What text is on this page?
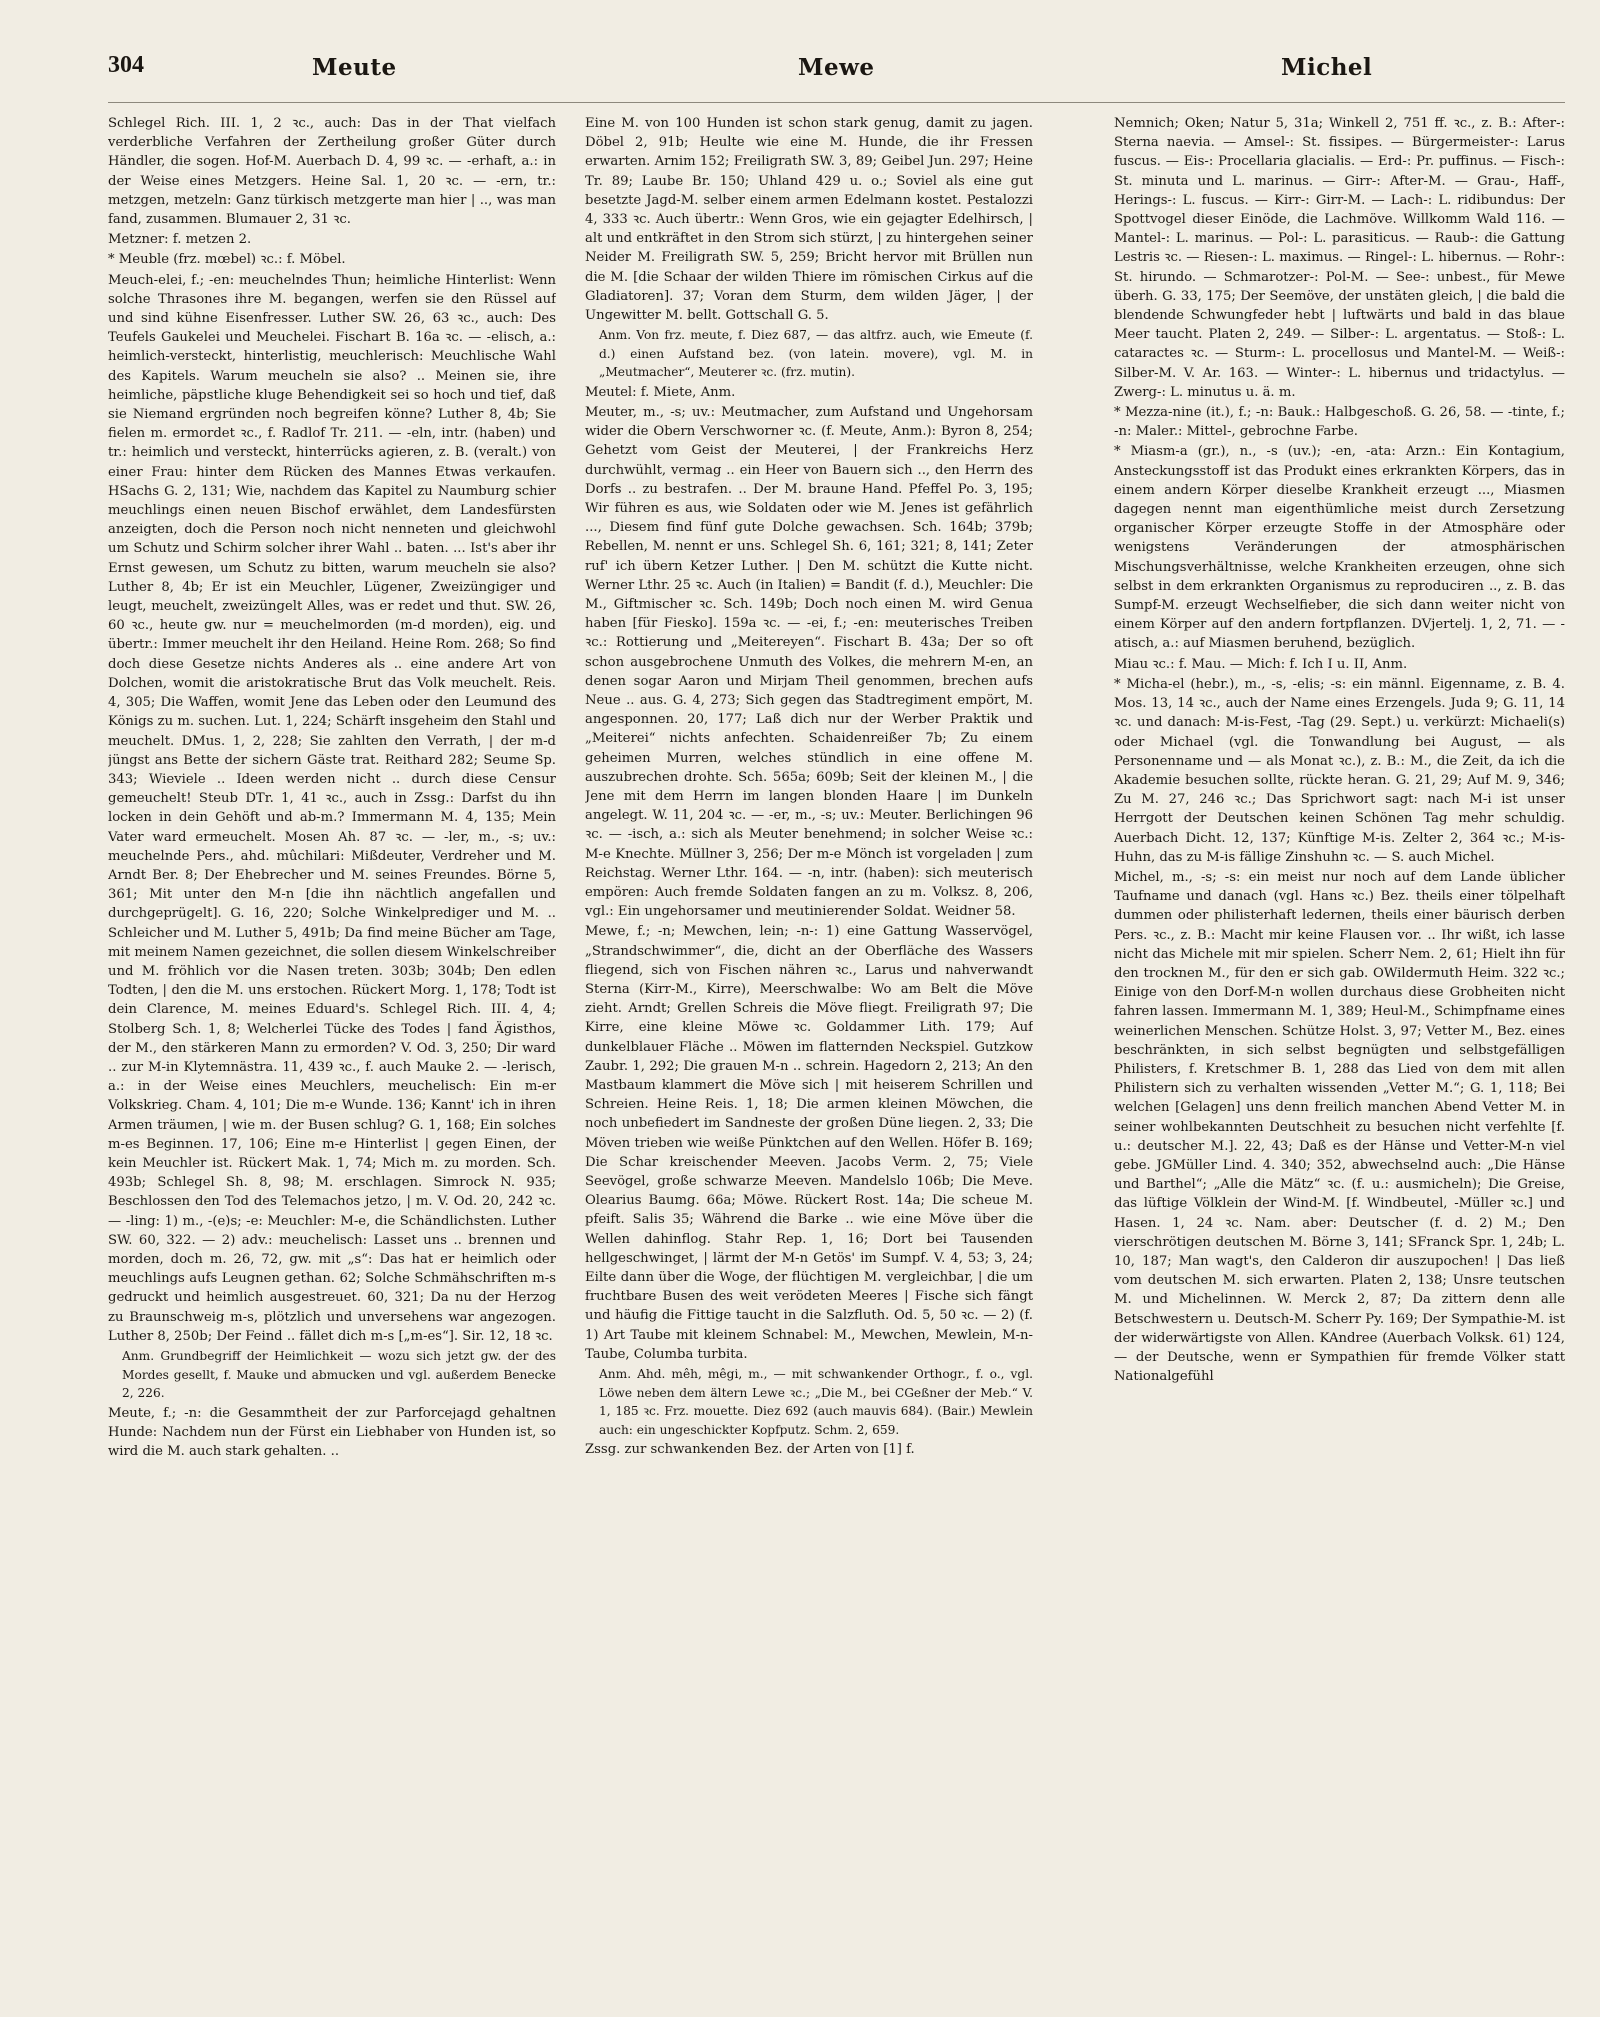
304	Meute	Mewe	Michel

Schlegel Rich. III. 1, 2 ꝛc., auch: Das in der That vielfach verderbliche Verfahren der Zertheilung großer Güter durch Händler, die sogen. Hof-M. Auerbach D. 4, 99 ꝛc. — -erhaft, a.: in der Weise eines Metzgers. Heine Sal. 1, 20 ꝛc. — -ern, tr.: metzgen, metzeln: Ganz türkisch metzgerte man hier | .., was man fand, zusammen. Blumauer 2, 31 ꝛc.

Metzner: f. metzen 2.

* Meuble (frz. mœbel) ꝛc.: f. Möbel.

Meuch-elei, f.; -en: meuchelndes Thun; heimliche Hinterlist: Wenn solche Thrasones ihre M. begangen, werfen sie den Rüssel auf und sind kühne Eisenfresser. Luther SW. 26, 63 ꝛc., auch: Des Teufels Gaukelei und Meuchelei. Fischart B. 16a ꝛc. — -elisch, a.: heimlich-versteckt, hinterlistig, meuchlerisch: Meuchlische Wahl des Kapitels. Warum meucheln sie also? .. Meinen sie, ihre heimliche, päpstliche kluge Behendigkeit sei so hoch und tief, daß sie Niemand ergründen noch begreifen könne? Luther 8, 4b; Sie fielen m. ermordet ꝛc., f. Radlof Tr. 211. — -eln, intr. (haben) und tr.: heimlich und versteckt, hinterrücks agieren, z. B. (veralt.) von einer Frau: hinter dem Rücken des Mannes Etwas verkaufen. HSachs G. 2, 131; Wie, nachdem das Kapitel zu Naumburg schier meuchlings einen neuen Bischof erwählet, dem Landesfürsten anzeigten, doch die Person noch nicht nenneten und gleichwohl um Schutz und Schirm solcher ihrer Wahl .. baten. ... Ist's aber ihr Ernst gewesen, um Schutz zu bitten, warum meucheln sie also? Luther 8, 4b; Er ist ein Meuchler, Lügener, Zweizüngiger und leugt, meuchelt, zweizüngelt Alles, was er redet und thut. SW. 26, 60 ꝛc., heute gw. nur = meuchelmorden (m-d morden), eig. und übertr.: Immer meuchelt ihr den Heiland. Heine Rom. 268; So find doch diese Gesetze nichts Anderes als .. eine andere Art von Dolchen, womit die aristokratische Brut das Volk meuchelt. Reis. 4, 305; Die Waffen, womit Jene das Leben oder den Leumund des Königs zu m. suchen. Lut. 1, 224; Schärft insgeheim den Stahl und meuchelt. DMus. 1, 2, 228; Sie zahlten den Verrath, | der m-d jüngst ans Bette der sichern Gäste trat. Reithard 282; Seume Sp. 343; Wieviele .. Ideen werden nicht .. durch diese Censur gemeuchelt! Steub DTr. 1, 41 ꝛc., auch in Zssg.: Darfst du ihn locken in dein Gehöft und ab-m.? Immermann M. 4, 135; Mein Vater ward ermeuchelt. Mosen Ah. 87 ꝛc. — -ler, m., -s; uv.: meuchelnde Pers., ahd. mûchilari: Mißdeuter, Verdreher und M. Arndt Ber. 8; Der Ehebrecher und M. seines Freundes. Börne 5, 361; Mit unter den M-n [die ihn nächtlich angefallen und durchgeprügelt]. G. 16, 220; Solche Winkelprediger und M. .. Schleicher und M. Luther 5, 491b; Da find meine Bücher am Tage, mit meinem Namen gezeichnet, die sollen diesem Winkelschreiber und M. fröhlich vor die Nasen treten. 303b; 304b; Den edlen Todten, | den die M. uns erstochen. Rückert Morg. 1, 178; Todt ist dein Clarence, M. meines Eduard's. Schlegel Rich. III. 4, 4; Stolberg Sch. 1, 8; Welcherlei Tücke des Todes | fand Ägisthos, der M., den stärkeren Mann zu ermorden? V. Od. 3, 250; Dir ward .. zur M-in Klytemnästra. 11, 439 ꝛc., f. auch Mauke 2. — -lerisch, a.: in der Weise eines Meuchlers, meuchelisch: Ein m-er Volkskrieg. Cham. 4, 101; Die m-e Wunde. 136; Kannt' ich in ihren Armen träumen, | wie m. der Busen schlug? G. 1, 168; Ein solches m-es Beginnen. 17, 106; Eine m-e Hinterlist | gegen Einen, der kein Meuchler ist. Rückert Mak. 1, 74; Mich m. zu morden. Sch. 493b; Schlegel Sh. 8, 98; M. erschlagen. Simrock N. 935; Beschlossen den Tod des Telemachos jetzo, | m. V. Od. 20, 242 ꝛc. — -ling: 1) m., -(e)s; -e: Meuchler: M-e, die Schändlichsten. Luther SW. 60, 322. — 2) adv.: meuchelisch: Lasset uns .. brennen und morden, doch m. 26, 72, gw. mit „s“: Das hat er heimlich oder meuchlings aufs Leugnen gethan. 62; Solche Schmähschriften m-s gedruckt und heimlich ausgestreuet. 60, 321; Da nu der Herzog zu Braunschweig m-s, plötzlich und unversehens war angezogen. Luther 8, 250b; Der Feind .. fället dich m-s [„m-es“]. Sir. 12, 18 ꝛc.

Anm. Grundbegriff der Heimlichkeit — wozu sich jetzt gw. der des Mordes gesellt, f. Mauke und abmucken und vgl. außerdem Benecke 2, 226.

Meute, f.; -n: die Gesammtheit der zur Parforcejagd gehaltnen Hunde: Nachdem nun der Fürst ein Liebhaber von Hunden ist, so wird die M. auch stark gehalten. ..

Eine M. von 100 Hunden ist schon stark genug, damit zu jagen. Döbel 2, 91b; Heulte wie eine M. Hunde, die ihr Fressen erwarten. Arnim 152; Freiligrath SW. 3, 89; Geibel Jun. 297; Heine Tr. 89; Laube Br. 150; Uhland 429 u. o.; Soviel als eine gut besetzte Jagd-M. selber einem armen Edelmann kostet. Pestalozzi 4, 333 ꝛc. Auch übertr.: Wenn Gros, wie ein gejagter Edelhirsch, | alt und entkräftet in den Strom sich stürzt, | zu hintergehen seiner Neider M. Freiligrath SW. 5, 259; Bricht hervor mit Brüllen nun die M. [die Schaar der wilden Thiere im römischen Cirkus auf die Gladiatoren]. 37; Voran dem Sturm, dem wilden Jäger, | der Ungewitter M. bellt. Gottschall G. 5.

Anm. Von frz. meute, f. Diez 687, — das altfrz. auch, wie Emeute (f. d.) einen Aufstand bez. (von latein. movere), vgl. M. in „Meutmacher“, Meuterer ꝛc. (frz. mutin).

Meutel: f. Miete, Anm.

Meuter, m., -s; uv.: Meutmacher, zum Aufstand und Ungehorsam wider die Obern Verschworner ꝛc. (f. Meute, Anm.): Byron 8, 254; Gehetzt vom Geist der Meuterei, | der Frankreichs Herz durchwühlt, vermag .. ein Heer von Bauern sich .., den Herrn des Dorfs .. zu bestrafen. .. Der M. braune Hand. Pfeffel Po. 3, 195; Wir führen es aus, wie Soldaten oder wie M. Jenes ist gefährlich ..., Diesem find fünf gute Dolche gewachsen. Sch. 164b; 379b; Rebellen, M. nennt er uns. Schlegel Sh. 6, 161; 321; 8, 141; Zeter ruf' ich übern Ketzer Luther. | Den M. schützt die Kutte nicht. Werner Lthr. 25 ꝛc. Auch (in Italien) = Bandit (f. d.), Meuchler: Die M., Giftmischer ꝛc. Sch. 149b; Doch noch einen M. wird Genua haben [für Fiesko]. 159a ꝛc. — -ei, f.; -en: meuterisches Treiben ꝛc.: Rottierung und „Meitereyen“. Fischart B. 43a; Der so oft schon ausgebrochene Unmuth des Volkes, die mehrern M-en, an denen sogar Aaron und Mirjam Theil genommen, brechen aufs Neue .. aus. G. 4, 273; Sich gegen das Stadtregiment empört, M. angesponnen. 20, 177; Laß dich nur der Werber Praktik und „Meiterei“ nichts anfechten. Schaidenreißer 7b; Zu einem geheimen Murren, welches stündlich in eine offene M. auszubrechen drohte. Sch. 565a; 609b; Seit der kleinen M., | die Jene mit dem Herrn im langen blonden Haare | im Dunkeln angelegt. W. 11, 204 ꝛc. — -er, m., -s; uv.: Meuter. Berlichingen 96 ꝛc. — -isch, a.: sich als Meuter benehmend; in solcher Weise ꝛc.: M-e Knechte. Müllner 3, 256; Der m-e Mönch ist vorgeladen | zum Reichstag. Werner Lthr. 164. — -n, intr. (haben): sich meuterisch empören: Auch fremde Soldaten fangen an zu m. Volksz. 8, 206, vgl.: Ein ungehorsamer und meutinierender Soldat. Weidner 58.

Mewe, f.; -n; Mewchen, lein; -n-: 1) eine Gattung Wasservögel, „Strandschwimmer“, die, dicht an der Oberfläche des Wassers fliegend, sich von Fischen nähren ꝛc., Larus und nahverwandt Sterna (Kirr-M., Kirre), Meerschwalbe: Wo am Belt die Möve zieht. Arndt; Grellen Schreis die Möve fliegt. Freiligrath 97; Die Kirre, eine kleine Möwe ꝛc. Goldammer Lith. 179; Auf dunkelblauer Fläche .. Möwen im flatternden Neckspiel. Gutzkow Zaubr. 1, 292; Die grauen M-n .. schrein. Hagedorn 2, 213; An den Mastbaum klammert die Möve sich | mit heiserem Schrillen und Schreien. Heine Reis. 1, 18; Die armen kleinen Möwchen, die noch unbefiedert im Sandneste der großen Düne liegen. 2, 33; Die Möven trieben wie weiße Pünktchen auf den Wellen. Höfer B. 169; Die Schar kreischender Meeven. Jacobs Verm. 2, 75; Viele Seevögel, große schwarze Meeven. Mandelslo 106b; Die Meve. Olearius Baumg. 66a; Möwe. Rückert Rost. 14a; Die scheue M. pfeift. Salis 35; Während die Barke .. wie eine Möve über die Wellen dahinflog. Stahr Rep. 1, 16; Dort bei Tausenden hellgeschwinget, | lärmt der M-n Getös' im Sumpf. V. 4, 53; 3, 24; Eilte dann über die Woge, der flüchtigen M. vergleichbar, | die um fruchtbare Busen des weit verödeten Meeres | Fische sich fängt und häufig die Fittige taucht in die Salzfluth. Od. 5, 50 ꝛc. — 2) (f. 1) Art Taube mit kleinem Schnabel: M., Mewchen, Mewlein, M-n-Taube, Columba turbita.

Anm. Ahd. mêh, mêgi, m., — mit schwankender Orthogr., f. o., vgl. Löwe neben dem ältern Lewe ꝛc.; „Die M., bei CGeßner der Meb.“ V. 1, 185 ꝛc. Frz. mouette. Diez 692 (auch mauvis 684). (Bair.) Mewlein auch: ein ungeschickter Kopfputz. Schm. 2, 659.

Zssg. zur schwankenden Bez. der Arten von [1] f.

Nemnich; Oken; Natur 5, 31a; Winkell 2, 751 ff. ꝛc., z. B.: After-: Sterna naevia. — Amsel-: St. fissipes. — Bürgermeister-: Larus fuscus. — Eis-: Procellaria glacialis. — Erd-: Pr. puffinus. — Fisch-: St. minuta und L. marinus. — Girr-: After-M. — Grau-, Haff-, Herings-: L. fuscus. — Kirr-: Girr-M. — Lach-: L. ridibundus: Der Spottvogel dieser Einöde, die Lachmöve. Willkomm Wald 116. — Mantel-: L. marinus. — Pol-: L. parasiticus. — Raub-: die Gattung Lestris ꝛc. — Riesen-: L. maximus. — Ringel-: L. hibernus. — Rohr-: St. hirundo. — Schmarotzer-: Pol-M. — See-: unbest., für Mewe überh. G. 33, 175; Der Seemöve, der unstäten gleich, | die bald die blendende Schwungfeder hebt | luftwärts und bald in das blaue Meer taucht. Platen 2, 249. — Silber-: L. argentatus. — Stoß-: L. cataractes ꝛc. — Sturm-: L. procellosus und Mantel-M. — Weiß-: Silber-M. V. Ar. 163. — Winter-: L. hibernus und tridactylus. — Zwerg-: L. minutus u. ä. m.

* Mezza-nine (it.), f.; -n: Bauk.: Halbgeschoß. G. 26, 58. — -tinte, f.; -n: Maler.: Mittel-, gebrochne Farbe.

* Miasm-a (gr.), n., -s (uv.); -en, -ata: Arzn.: Ein Kontagium, Ansteckungsstoff ist das Produkt eines erkrankten Körpers, das in einem andern Körper dieselbe Krankheit erzeugt ..., Miasmen dagegen nennt man eigenthümliche meist durch Zersetzung organischer Körper erzeugte Stoffe in der Atmosphäre oder wenigstens Veränderungen der atmosphärischen Mischungsverhältnisse, welche Krankheiten erzeugen, ohne sich selbst in dem erkrankten Organismus zu reproduciren .., z. B. das Sumpf-M. erzeugt Wechselfieber, die sich dann weiter nicht von einem Körper auf den andern fortpflanzen. DVjertelj. 1, 2, 71. — -atisch, a.: auf Miasmen beruhend, bezüglich.

Miau ꝛc.: f. Mau. — Mich: f. Ich I u. II, Anm.

* Micha-el (hebr.), m., -s, -elis; -s: ein männl. Eigenname, z. B. 4. Mos. 13, 14 ꝛc., auch der Name eines Erzengels. Juda 9; G. 11, 14 ꝛc. und danach: M-is-Fest, -Tag (29. Sept.) u. verkürzt: Michaeli(s) oder Michael (vgl. die Tonwandlung bei August, — als Personenname und — als Monat ꝛc.), z. B.: M., die Zeit, da ich die Akademie besuchen sollte, rückte heran. G. 21, 29; Auf M. 9, 346; Zu M. 27, 246 ꝛc.; Das Sprichwort sagt: nach M-i ist unser Herrgott der Deutschen keinen Schönen Tag mehr schuldig. Auerbach Dicht. 12, 137; Künftige M-is. Zelter 2, 364 ꝛc.; M-is-Huhn, das zu M-is fällige Zinshuhn ꝛc. — S. auch Michel.

Michel, m., -s; -s: ein meist nur noch auf dem Lande üblicher Taufname und danach (vgl. Hans ꝛc.) Bez. theils einer tölpelhaft dummen oder philisterhaft ledernen, theils einer bäurisch derben Pers. ꝛc., z. B.: Macht mir keine Flausen vor. .. Ihr wißt, ich lasse nicht das Michele mit mir spielen. Scherr Nem. 2, 61; Hielt ihn für den trocknen M., für den er sich gab. OWildermuth Heim. 322 ꝛc.; Einige von den Dorf-M-n wollen durchaus diese Grobheiten nicht fahren lassen. Immermann M. 1, 389; Heul-M., Schimpfname eines weinerlichen Menschen. Schütze Holst. 3, 97; Vetter M., Bez. eines beschränkten, in sich selbst begnügten und selbstgefälligen Philisters, f. Kretschmer B. 1, 288 das Lied von dem mit allen Philistern sich zu verhalten wissenden „Vetter M.“; G. 1, 118; Bei welchen [Gelagen] uns denn freilich manchen Abend Vetter M. in seiner wohlbekannten Deutschheit zu besuchen nicht verfehlte [f. u.: deutscher M.]. 22, 43; Daß es der Hänse und Vetter-M-n viel gebe. JGMüller Lind. 4. 340; 352, abwechselnd auch: „Die Hänse und Barthel“; „Alle die Mätz“ ꝛc. (f. u.: ausmicheln); Die Greise, das lüftige Völklein der Wind-M. [f. Windbeutel, -Müller ꝛc.] und Hasen. 1, 24 ꝛc. Nam. aber: Deutscher (f. d. 2) M.; Den vierschrötigen deutschen M. Börne 3, 141; SFranck Spr. 1, 24b; L. 10, 187; Man wagt's, den Calderon dir auszupochen! | Das ließ vom deutschen M. sich erwarten. Platen 2, 138; Unsre teutschen M. und Michelinnen. W. Merck 2, 87; Da zittern denn alle Betschwestern u. Deutsch-M. Scherr Py. 169; Der Sympathie-M. ist der widerwärtigste von Allen. KAndree (Auerbach Volksk. 61) 124, — der Deutsche, wenn er Sympathien für fremde Völker statt Nationalgefühl
